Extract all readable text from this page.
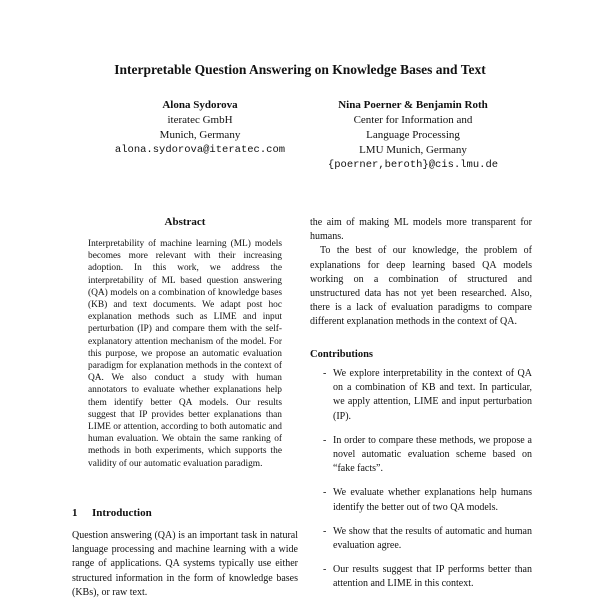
Interpretable Question Answering on Knowledge Bases and Text
Alona Sydorova
iteratec GmbH
Munich, Germany
alona.sydorova@iteratec.com
Nina Poerner & Benjamin Roth
Center for Information and
Language Processing
LMU Munich, Germany
{poerner,beroth}@cis.lmu.de
Abstract
Interpretability of machine learning (ML) models becomes more relevant with their increasing adoption. In this work, we address the interpretability of ML based question answering (QA) models on a combination of knowledge bases (KB) and text documents. We adapt post hoc explanation methods such as LIME and input perturbation (IP) and compare them with the self-explanatory attention mechanism of the model. For this purpose, we propose an automatic evaluation paradigm for explanation methods in the context of QA. We also conduct a study with human annotators to evaluate whether explanations help them identify better QA models. Our results suggest that IP provides better explanations than LIME or attention, according to both automatic and human evaluation. We obtain the same ranking of methods in both experiments, which supports the validity of our automatic evaluation paradigm.
1 Introduction
Question answering (QA) is an important task in natural language processing and machine learning with a wide range of applications. QA systems typically use either structured information in the form of knowledge bases (KBs), or raw text.

the aim of making ML models more transparent for humans.

To the best of our knowledge, the problem of explanations for deep learning based QA models working on a combination of structured and unstructured data has not yet been researched. Also, there is a lack of evaluation paradigms to compare different explanation methods in the context of QA.

Contributions
- We explore interpretability in the context of QA on a combination of KB and text. In particular, we apply attention, LIME and input perturbation (IP).
- In order to compare these methods, we propose a novel automatic evaluation scheme based on “fake facts”.
- We evaluate whether explanations help humans identify the better out of two QA models.
- We show that the results of automatic and human evaluation agree.
- Our results suggest that IP performs better than attention and LIME in this context.
